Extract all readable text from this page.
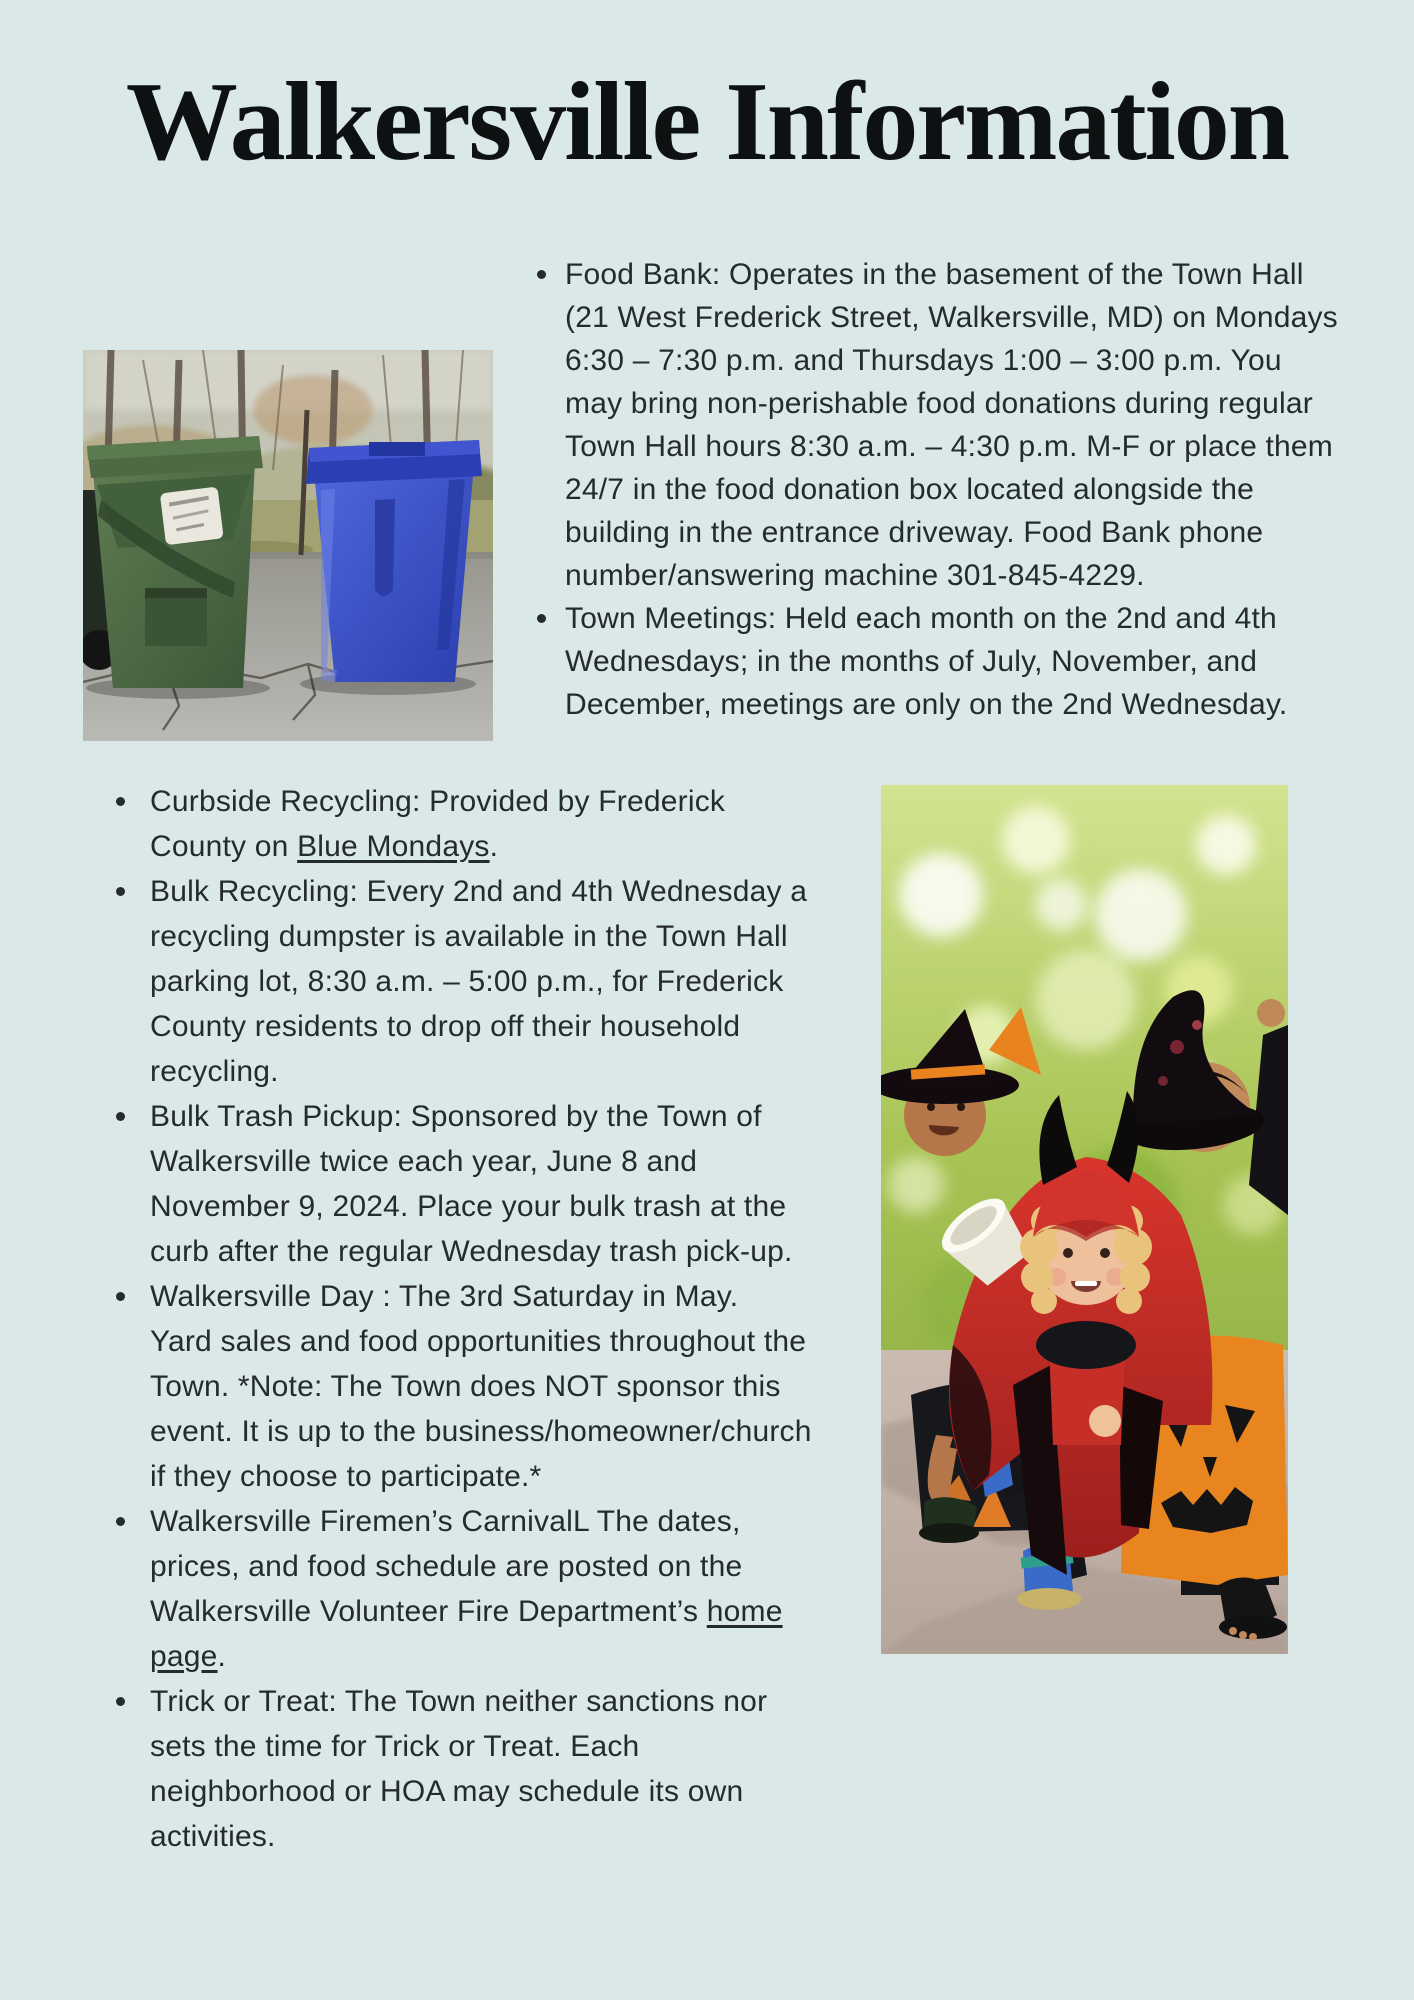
Walkersville Information
Food Bank: Operates in the basement of the Town Hall (21 West Frederick Street, Walkersville, MD) on Mondays 6:30 – 7:30 p.m. and Thursdays 1:00 – 3:00 p.m. You may bring non-perishable food donations during regular Town Hall hours 8:30 a.m. – 4:30 p.m. M-F or place them 24/7 in the food donation box located alongside the building in the entrance driveway. Food Bank phone number/answering machine 301-845-4229.
Town Meetings: Held each month on the 2nd and 4th Wednesdays; in the months of July, November, and December, meetings are only on the 2nd Wednesday.
Curbside Recycling: Provided by Frederick County on Blue Mondays.
Bulk Recycling: Every 2nd and 4th Wednesday a recycling dumpster is available in the Town Hall parking lot, 8:30 a.m. – 5:00 p.m., for Frederick County residents to drop off their household recycling.
Bulk Trash Pickup: Sponsored by the Town of Walkersville twice each year, June 8 and November 9, 2024. Place your bulk trash at the curb after the regular Wednesday trash pick-up.
Walkersville Day : The 3rd Saturday in May.
Yard sales and food opportunities throughout the Town. *Note: The Town does NOT sponsor this event. It is up to the business/homeowner/church if they choose to participate.*
Walkersville Firemen’s CarnivalL The dates, prices, and food schedule are posted on the Walkersville Volunteer Fire Department’s home page.
Trick or Treat: The Town neither sanctions nor sets the time for Trick or Treat. Each neighborhood or HOA may schedule its own activities.
